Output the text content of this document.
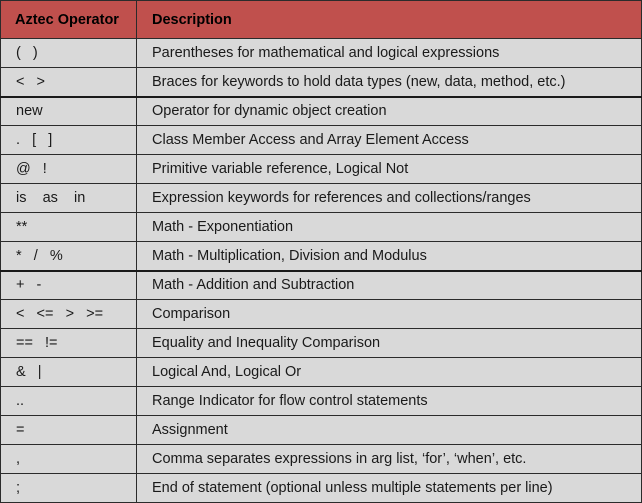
Aztec Operator	Description
(   )	Parentheses for mathematical and logical expressions
<   >	Braces for keywords to hold data types (new, data, method, etc.)
new	Operator for dynamic object creation
.   [   ]	Class Member Access and Array Element Access
@   !	Primitive variable reference, Logical Not
is    as    in	Expression keywords for references and collections/ranges
**	Math - Exponentiation
*   /   %	Math - Multiplication, Division and Modulus
+   -	Math - Addition and Subtraction
<   <=   >   >=	Comparison
==   !=	Equality and Inequality Comparison
&   |	Logical And, Logical Or
..	Range Indicator for flow control statements
=	Assignment
,	Comma separates expressions in arg list, ‘for’, ‘when’, etc.
;	End of statement (optional unless multiple statements per line)
